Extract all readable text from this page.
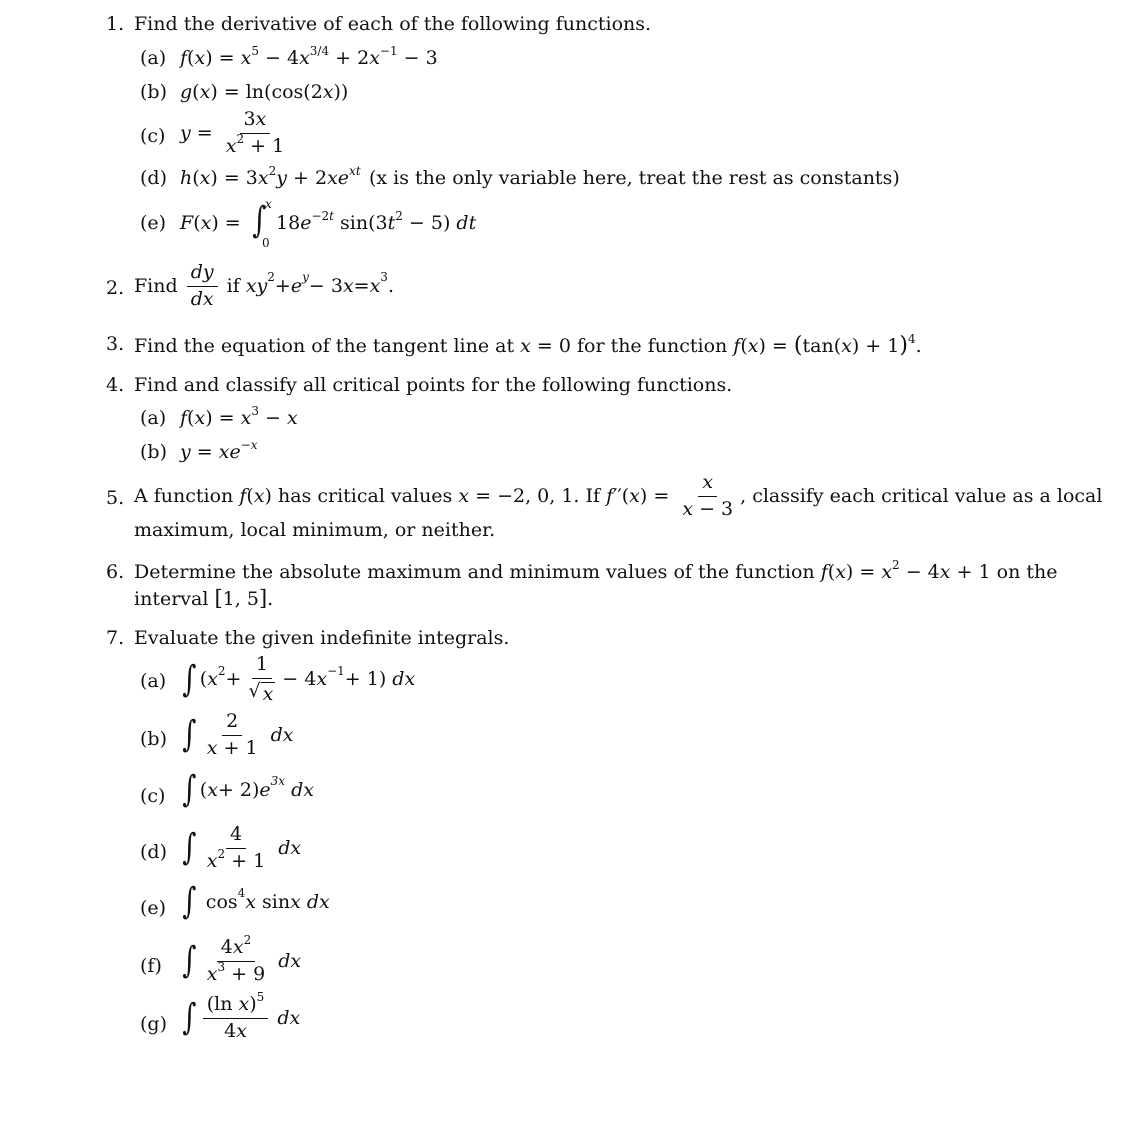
1. Find the derivative of each of the following functions.
(a) $f(x) = x^5 - 4x^{3/4} + 2x^{-1} - 3$
(b) g(x) = ln(cos(2x))
(c) $y = \frac{3x}{x^2 + 1}$
(d) $h(x) = 3x^2y + 2xe^{xt}$ (x is the only variable here, treat the rest as constants)
(e) F(x) = ∫
x
0
$18e^{-2t}$ $\sin(3t^2 - 5)$ dt
2. Find
$\frac{dy}{dx}$ if $xy^2 + e$ y − 3 $x = x^3$ .
3. Find the equation of the tangent line at x = 0 for the function $f(x) = (\tan(x) + 1)^4$.
4. Find and classify all critical points for the following functions.
(a) $f(x) = x^3 - x$
(b) $y = xe^{-x}$
5. A function
f ( x ) has critical values
x = −2, 0, 1. If f ′′( x ) = $\frac{x}{x - 3}$ , classify each critical value as a local
maximum, local minimum, or neither.
6. Determine the absolute maximum and minimum values of the function $f(x) = x^2 - 4x + 1$ on the
interval [1, 5].
7. Evaluate the given indefinite integrals.
(a) ∫ ( $x^2 + \frac{1}{√ x} - 4$ $x^{-1} + 1$) dx
(b) ∫ $\frac{2}{x + 1}$ dx
(c) ∫ ( x + 2) e 3x dx
(d) ∫ $\frac{4}{x^2 + 1}$ dx
(e) ∫ $\cos^4 x$ sin x dx
(f) ∫ $\frac{4x^2}{x^3 + 9}$ dx
(g) ∫ $\frac{(\ln x)^5}{4x}$ dx
